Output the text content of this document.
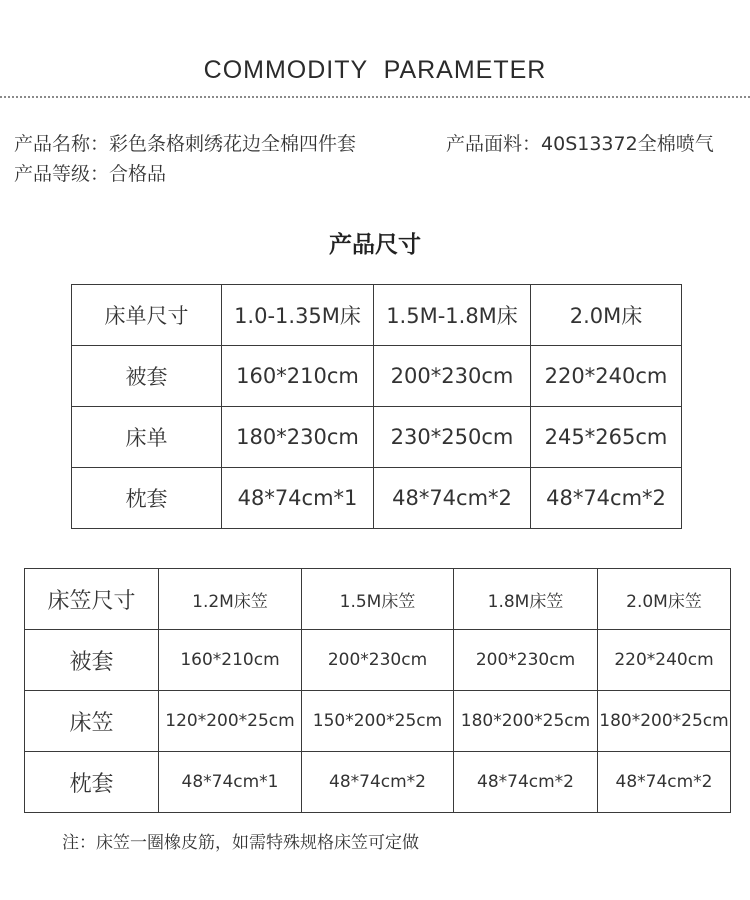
COMMODITY  PARAMETER
产品名称：彩色条格刺绣花边全棉四件套	产品面料：40S13372全棉喷气
产品等级：合格品
产品尺寸
床单尺寸	1.0-1.35M床	1.5M-1.8M床	2.0M床
被套	160*210cm	200*230cm	220*240cm
床单	180*230cm	230*250cm	245*265cm
枕套	48*74cm*1	48*74cm*2	48*74cm*2
床笠尺寸	1.2M床笠	1.5M床笠	1.8M床笠	2.0M床笠
被套	160*210cm	200*230cm	200*230cm	220*240cm
床笠	120*200*25cm	150*200*25cm	180*200*25cm	180*200*25cm
枕套	48*74cm*1	48*74cm*2	48*74cm*2	48*74cm*2
注：床笠一圈橡皮筋，如需特殊规格床笠可定做
